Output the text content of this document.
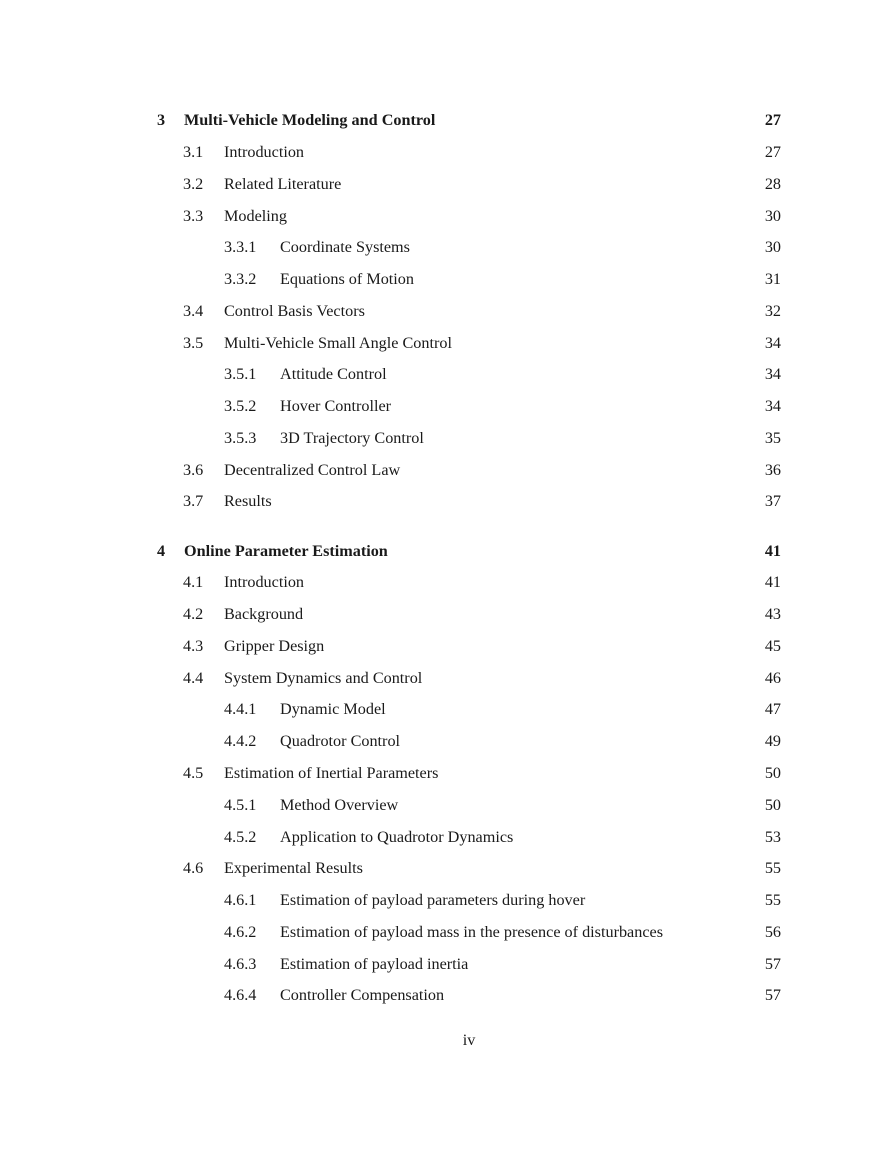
3 Multi-Vehicle Modeling and Control	27
3.1 Introduction	27
3.2 Related Literature	28
3.3 Modeling	30
3.3.1 Coordinate Systems	30
3.3.2 Equations of Motion	31
3.4 Control Basis Vectors	32
3.5 Multi-Vehicle Small Angle Control	34
3.5.1 Attitude Control	34
3.5.2 Hover Controller	34
3.5.3 3D Trajectory Control	35
3.6 Decentralized Control Law	36
3.7 Results	37
4 Online Parameter Estimation	41
4.1 Introduction	41
4.2 Background	43
4.3 Gripper Design	45
4.4 System Dynamics and Control	46
4.4.1 Dynamic Model	47
4.4.2 Quadrotor Control	49
4.5 Estimation of Inertial Parameters	50
4.5.1 Method Overview	50
4.5.2 Application to Quadrotor Dynamics	53
4.6 Experimental Results	55
4.6.1 Estimation of payload parameters during hover	55
4.6.2 Estimation of payload mass in the presence of disturbances	56
4.6.3 Estimation of payload inertia	57
4.6.4 Controller Compensation	57
iv
